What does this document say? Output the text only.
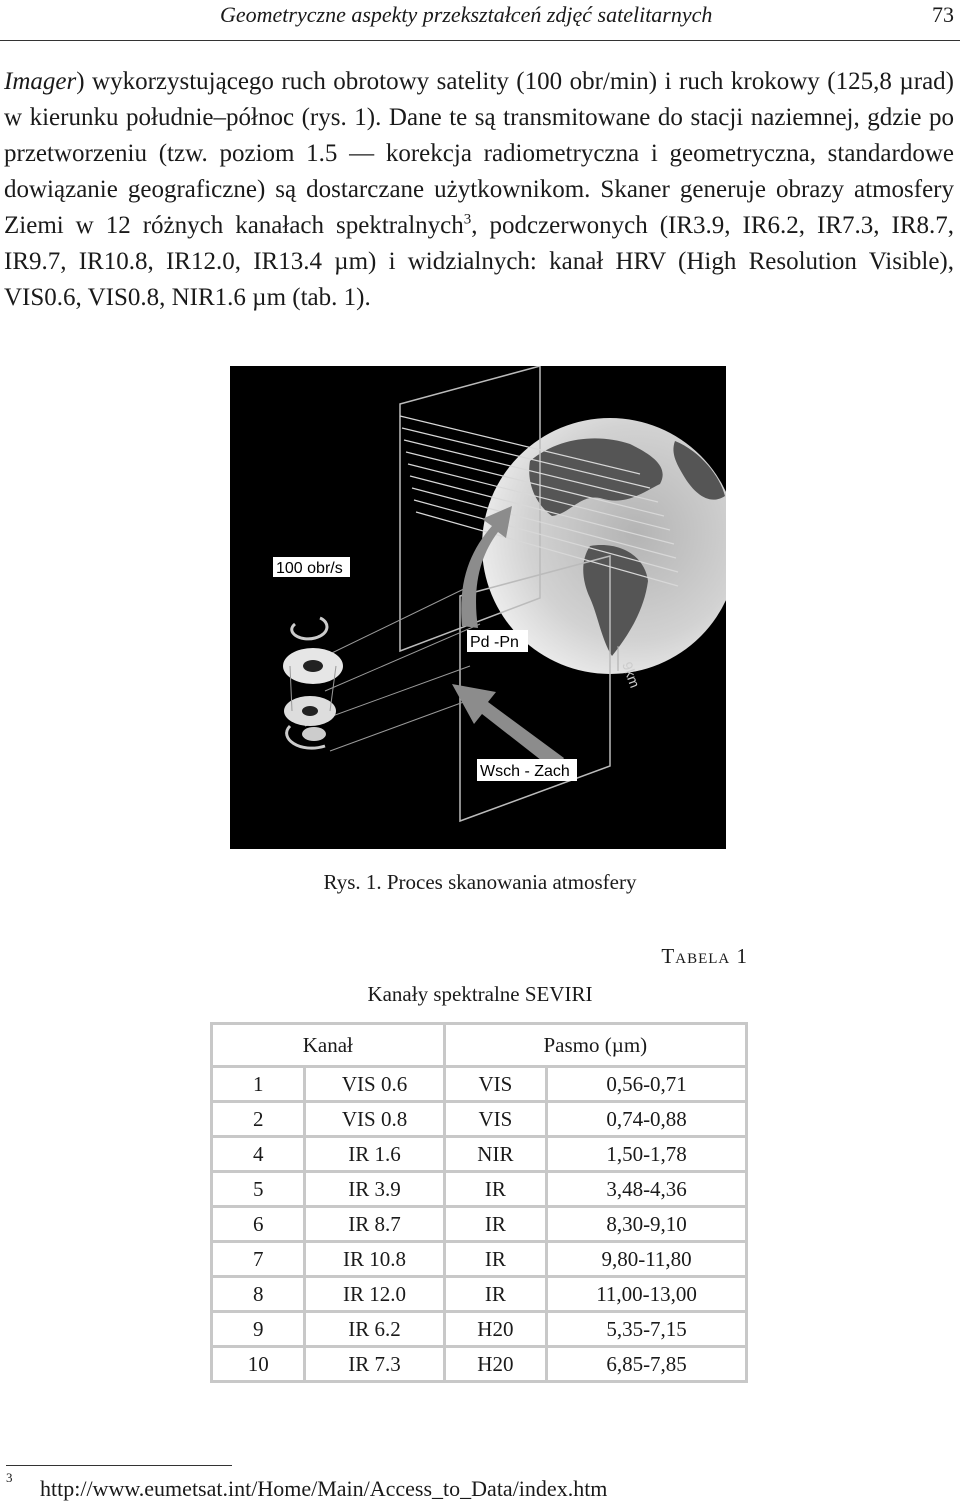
Geometryczne aspekty przekształceń zdjęć satelitarnych	73

Imager) wykorzystującego ruch obrotowy satelity (100 obr/min) i ruch krokowy (125,8 µrad) w kierunku południe–północ (rys. 1). Dane te są transmitowane do stacji naziemnej, gdzie po przetworzeniu (tzw. poziom 1.5 — korekcja radiometryczna i geometryczna, standardowe dowiązanie geograficzne) są dostarczane użytkownikom. Skaner generuje obrazy atmosfery Ziemi w 12 różnych kanałach spektralnych$^3$, podczerwonych (IR3.9, IR6.2, IR7.3, IR8.7, IR9.7, IR10.8, IR12.0, IR13.4 µm) i widzialnych: kanał HRV (High Resolution Visible), VIS0.6, VIS0.8, NIR1.6 µm (tab. 1).

100 obr/s
Pd -Pn
Wsch - Zach
9km
Rys. 1. Proces skanowania atmosfery
Tabela 1
Kanały spektralne SEVIRI
Kanał		Pasmo (µm)	
1	VIS 0.6	VIS	0,56-0,71
2	VIS 0.8	VIS	0,74-0,88
4	IR 1.6	NIR	1,50-1,78
5	IR 3.9	IR	3,48-4,36
6	IR 8.7	IR	8,30-9,10
7	IR 10.8	IR	9,80-11,80
8	IR 12.0	IR	11,00-13,00
9	IR 6.2	H20	5,35-7,15
10	IR 7.3	H20	6,85-7,85
3 http://www.eumetsat.int/Home/Main/Access_to_Data/index.htm
